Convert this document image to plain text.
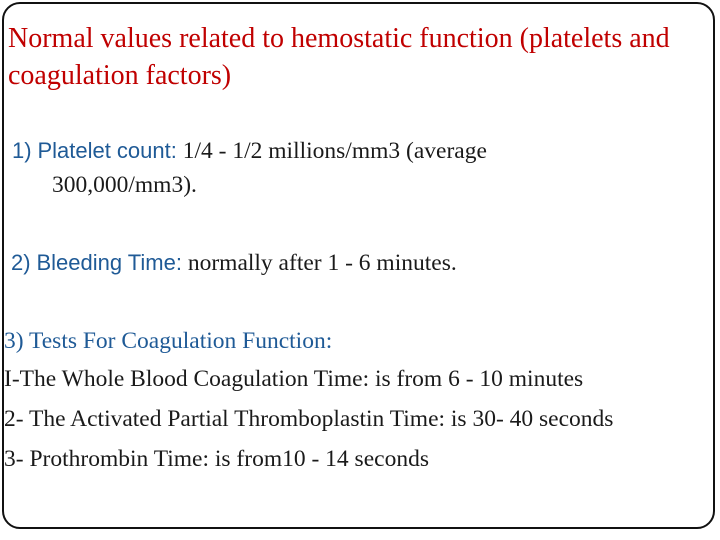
Normal values related to hemostatic function (platelets and coagulation factors)
1) Platelet count: 1/4 - 1/2 millions/mm3 (average
300,000/mm3).
2) Bleeding Time: normally after 1 - 6 minutes.
3) Tests For Coagulation Function:
I-The Whole Blood Coagulation Time: is from 6 - 10 minutes
2- The Activated Partial Thromboplastin Time: is 30- 40 seconds
3- Prothrombin Time: is from10 - 14 seconds
